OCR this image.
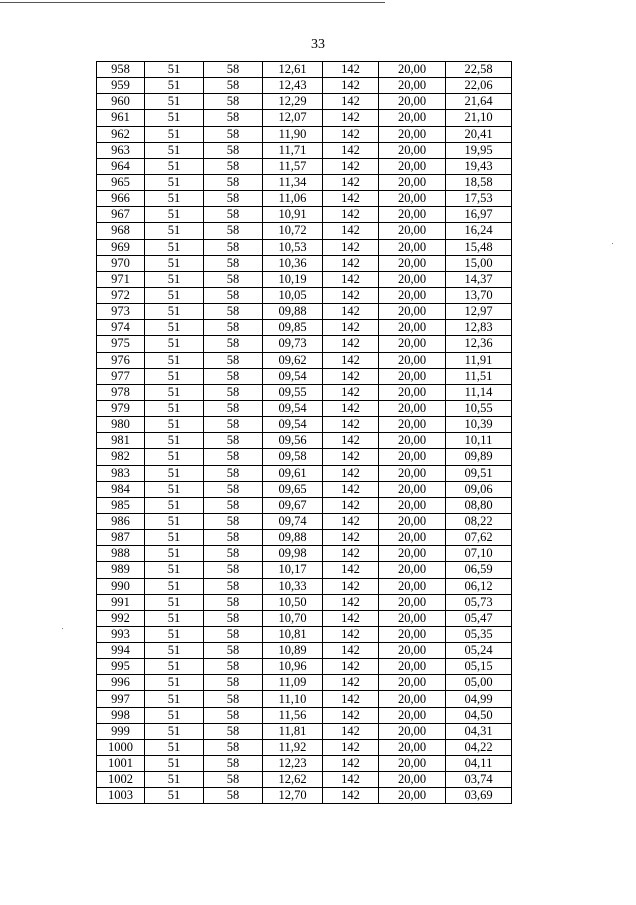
33
958	51	58	12,61	142	20,00	22,58
959	51	58	12,43	142	20,00	22,06
960	51	58	12,29	142	20,00	21,64
961	51	58	12,07	142	20,00	21,10
962	51	58	11,90	142	20,00	20,41
963	51	58	11,71	142	20,00	19,95
964	51	58	11,57	142	20,00	19,43
965	51	58	11,34	142	20,00	18,58
966	51	58	11,06	142	20,00	17,53
967	51	58	10,91	142	20,00	16,97
968	51	58	10,72	142	20,00	16,24
969	51	58	10,53	142	20,00	15,48
970	51	58	10,36	142	20,00	15,00
971	51	58	10,19	142	20,00	14,37
972	51	58	10,05	142	20,00	13,70
973	51	58	09,88	142	20,00	12,97
974	51	58	09,85	142	20,00	12,83
975	51	58	09,73	142	20,00	12,36
976	51	58	09,62	142	20,00	11,91
977	51	58	09,54	142	20,00	11,51
978	51	58	09,55	142	20,00	11,14
979	51	58	09,54	142	20,00	10,55
980	51	58	09,54	142	20,00	10,39
981	51	58	09,56	142	20,00	10,11
982	51	58	09,58	142	20,00	09,89
983	51	58	09,61	142	20,00	09,51
984	51	58	09,65	142	20,00	09,06
985	51	58	09,67	142	20,00	08,80
986	51	58	09,74	142	20,00	08,22
987	51	58	09,88	142	20,00	07,62
988	51	58	09,98	142	20,00	07,10
989	51	58	10,17	142	20,00	06,59
990	51	58	10,33	142	20,00	06,12
991	51	58	10,50	142	20,00	05,73
992	51	58	10,70	142	20,00	05,47
993	51	58	10,81	142	20,00	05,35
994	51	58	10,89	142	20,00	05,24
995	51	58	10,96	142	20,00	05,15
996	51	58	11,09	142	20,00	05,00
997	51	58	11,10	142	20,00	04,99
998	51	58	11,56	142	20,00	04,50
999	51	58	11,81	142	20,00	04,31
1000	51	58	11,92	142	20,00	04,22
1001	51	58	12,23	142	20,00	04,11
1002	51	58	12,62	142	20,00	03,74
1003	51	58	12,70	142	20,00	03,69
